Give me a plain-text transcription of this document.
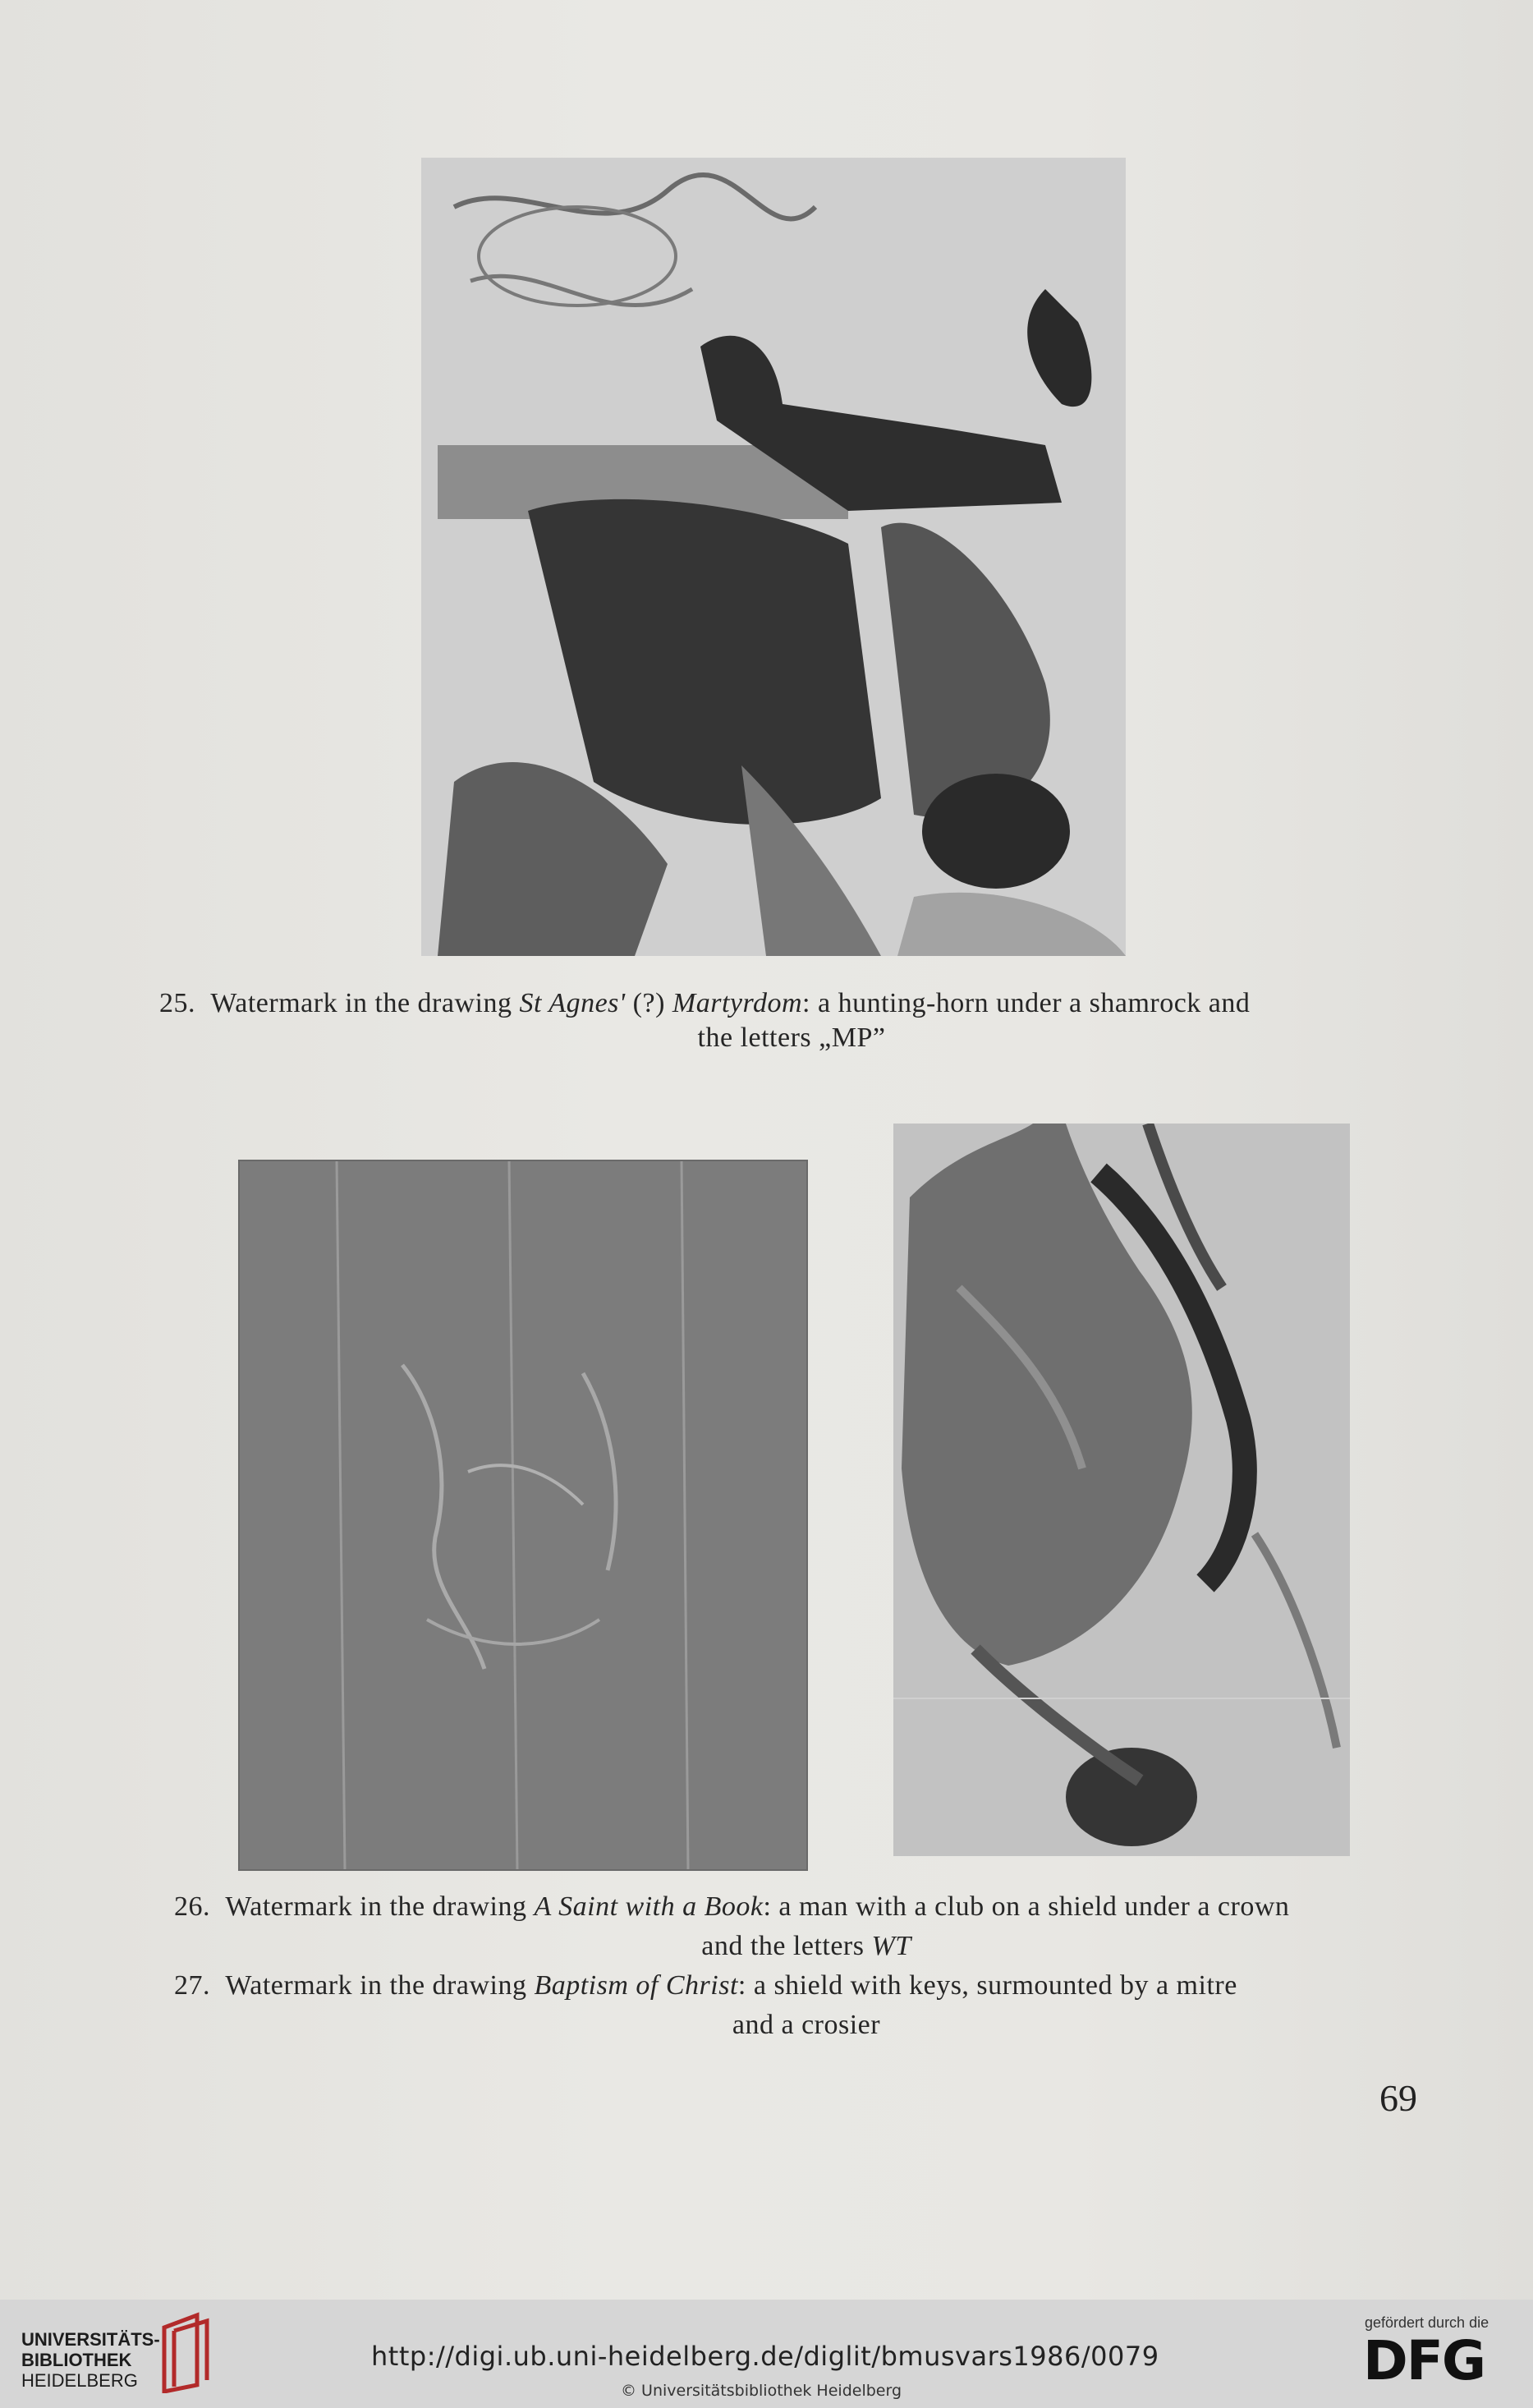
25. Watermark in the drawing St Agnes' (?) Martyrdom: a hunting-horn under a shamrock and
the letters „MP”
26. Watermark in the drawing A Saint with a Book: a man with a club on a shield under a crown
and the letters WT
27. Watermark in the drawing Baptism of Christ: a shield with keys, surmounted by a mitre
and a crosier
69
UNIVERSITÄTS-
BIBLIOTHEK
HEIDELBERG
http://digi.ub.uni-heidelberg.de/diglit/bmusvars1986/0079
© Universitätsbibliothek Heidelberg
gefördert durch die
DFG
